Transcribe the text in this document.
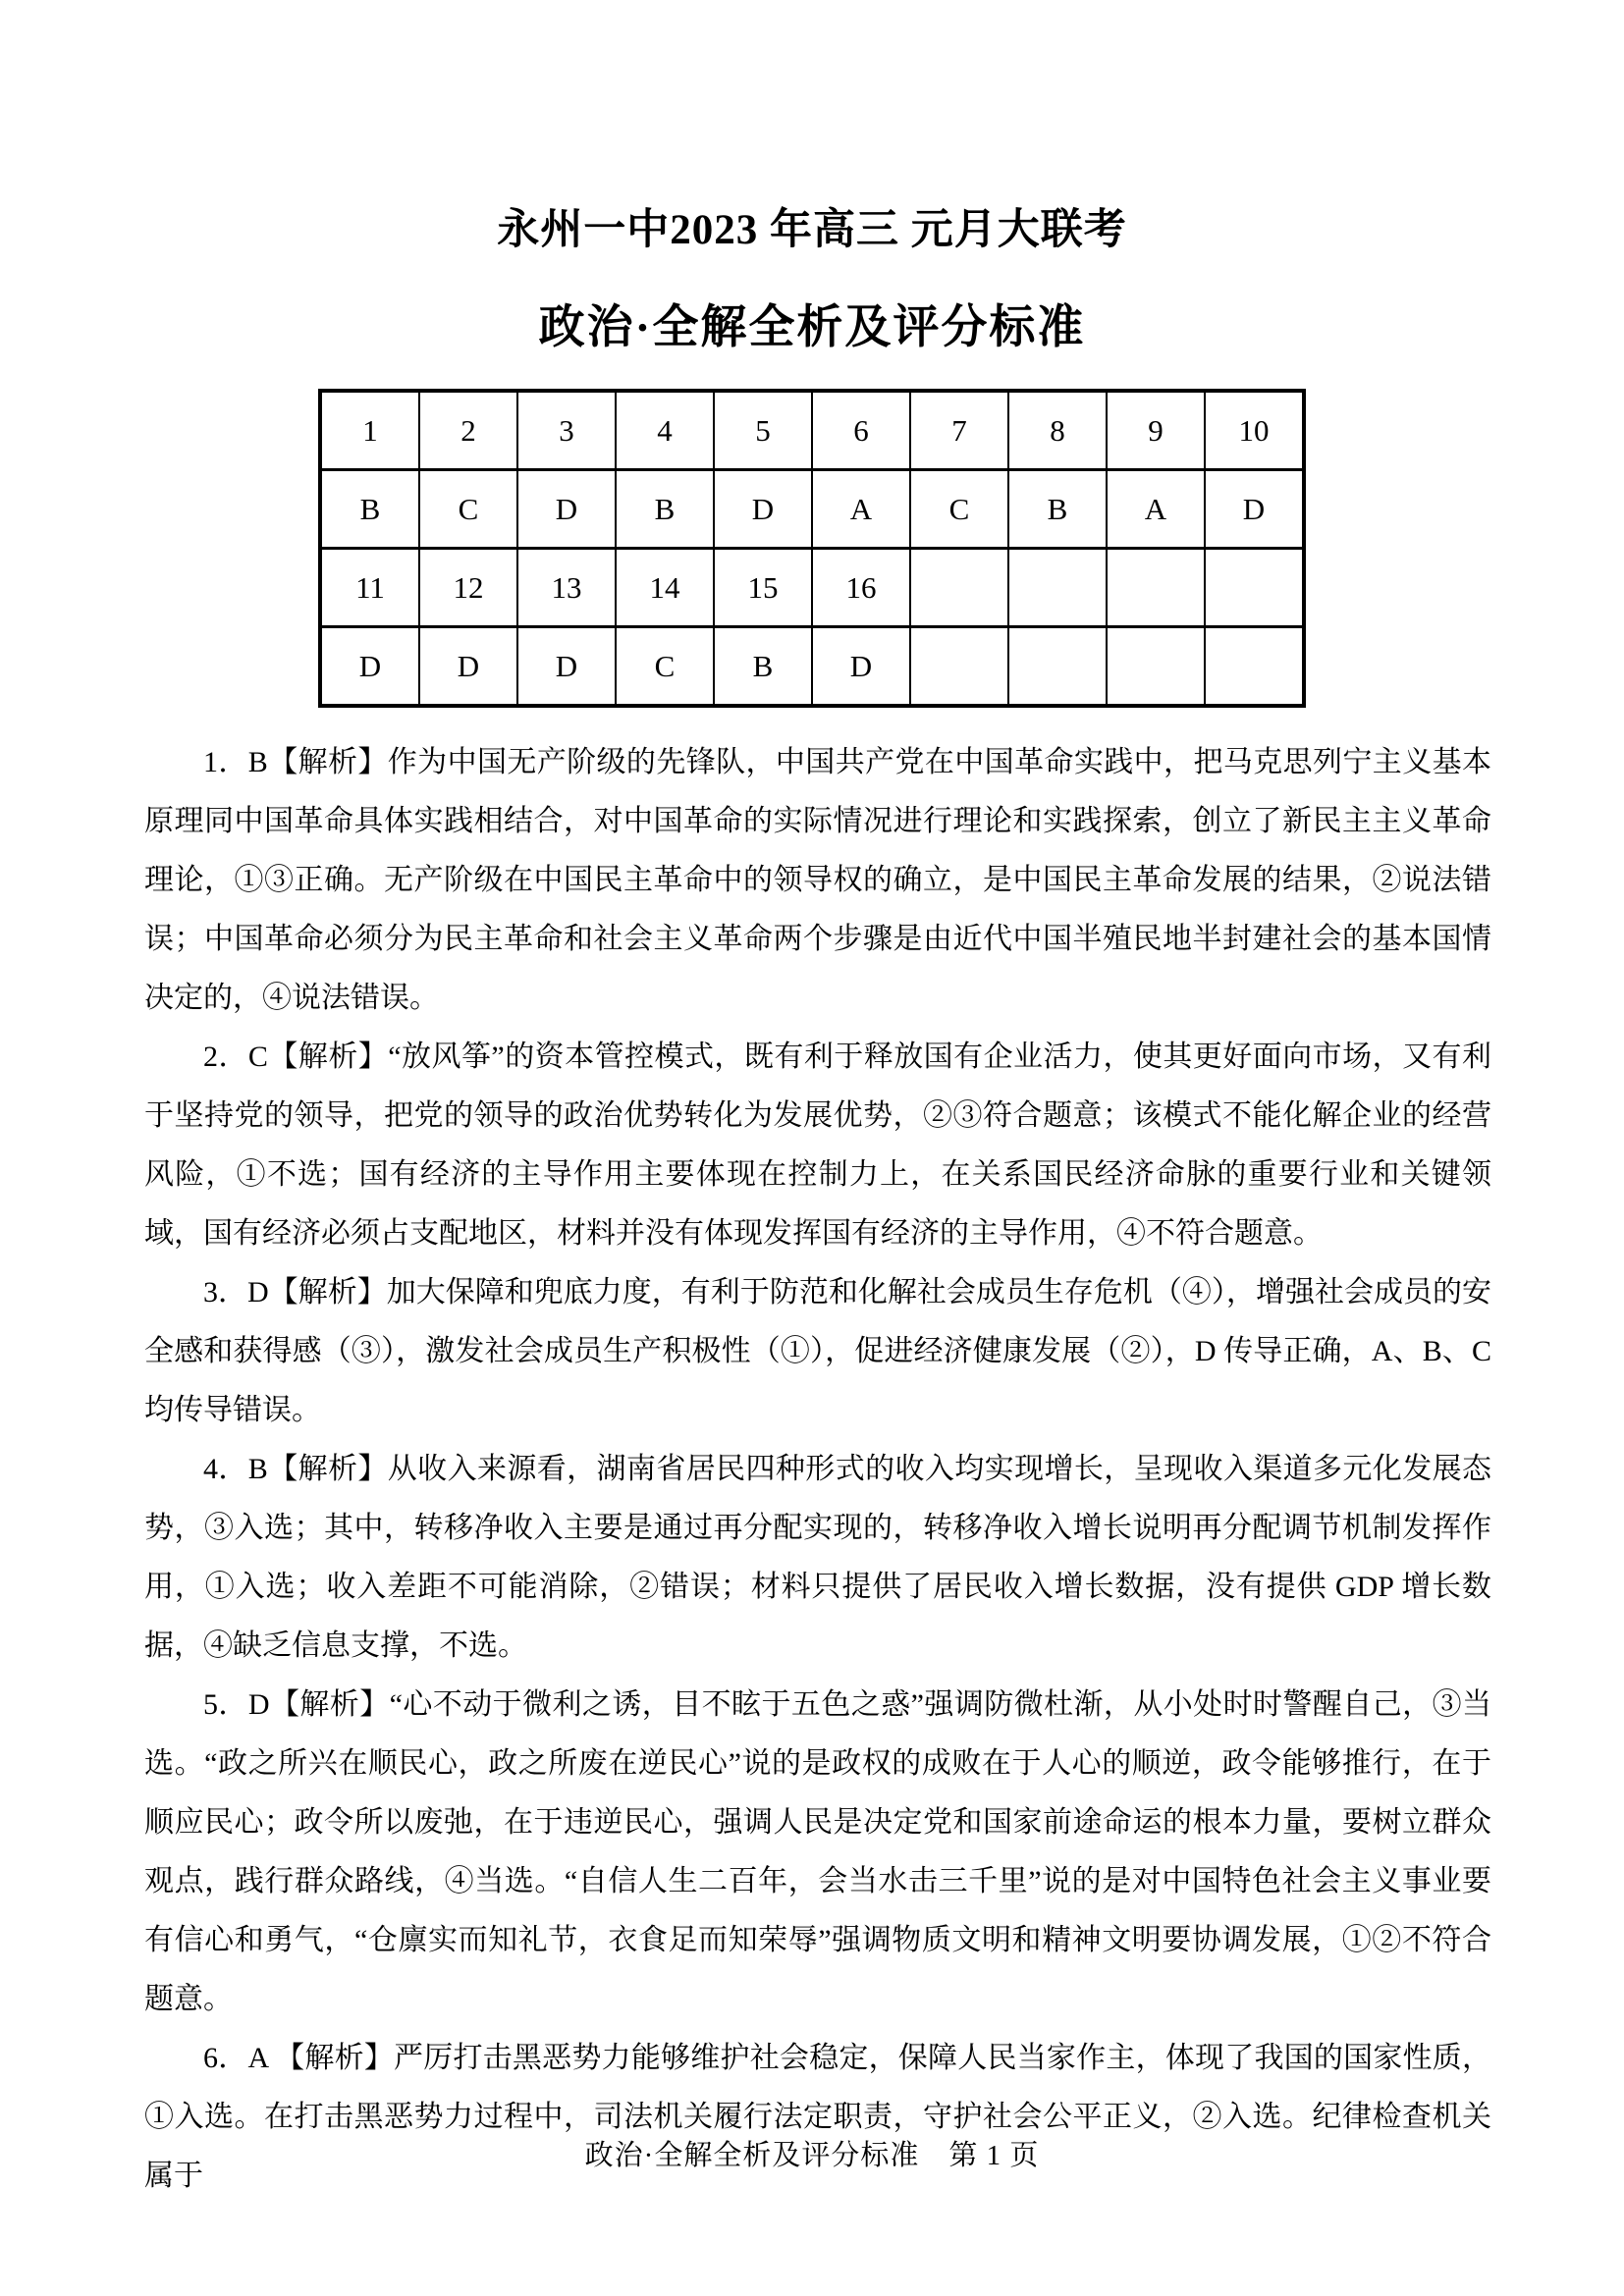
永州一中2023 年高三 元月大联考
政治·全解全析及评分标准
1	2	3	4	5	6	7	8	9	10
B	C	D	B	D	A	C	B	A	D
11	12	13	14	15	16				
D	D	D	C	B	D				

1．B【解析】作为中国无产阶级的先锋队，中国共产党在中国革命实践中，把马克思列宁主义基本原理同中国革命具体实践相结合，对中国革命的实际情况进行理论和实践探索，创立了新民主主义革命理论，①③正确。无产阶级在中国民主革命中的领导权的确立，是中国民主革命发展的结果，②说法错误；中国革命必须分为民主革命和社会主义革命两个步骤是由近代中国半殖民地半封建社会的基本国情决定的，④说法错误。

2．C【解析】“放风筝”的资本管控模式，既有利于释放国有企业活力，使其更好面向市场，又有利于坚持党的领导，把党的领导的政治优势转化为发展优势，②③符合题意；该模式不能化解企业的经营风险，①不选；国有经济的主导作用主要体现在控制力上，在关系国民经济命脉的重要行业和关键领域，国有经济必须占支配地区，材料并没有体现发挥国有经济的主导作用，④不符合题意。

3．D【解析】加大保障和兜底力度，有利于防范和化解社会成员生存危机（④），增强社会成员的安全感和获得感（③），激发社会成员生产积极性（①），促进经济健康发展（②），D 传导正确，A、B、C 均传导错误。

4．B【解析】从收入来源看，湖南省居民四种形式的收入均实现增长，呈现收入渠道多元化发展态势，③入选；其中，转移净收入主要是通过再分配实现的，转移净收入增长说明再分配调节机制发挥作用，①入选；收入差距不可能消除，②错误；材料只提供了居民收入增长数据，没有提供 GDP 增长数据，④缺乏信息支撑，不选。

5．D【解析】“心不动于微利之诱，目不眩于五色之惑”强调防微杜渐，从小处时时警醒自己，③当选。“政之所兴在顺民心，政之所废在逆民心”说的是政权的成败在于人心的顺逆，政令能够推行，在于顺应民心；政令所以废弛，在于违逆民心，强调人民是决定党和国家前途命运的根本力量，要树立群众观点，践行群众路线，④当选。“自信人生二百年，会当水击三千里”说的是对中国特色社会主义事业要有信心和勇气，“仓廪实而知礼节，衣食足而知荣辱”强调物质文明和精神文明要协调发展，①②不符合题意。

6．A 【解析】严厉打击黑恶势力能够维护社会稳定，保障人民当家作主，体现了我国的国家性质，①入选。在打击黑恶势力过程中，司法机关履行法定职责，守护社会公平正义，②入选。纪律检查机关属于

政治·全解全析及评分标准　第 1 页
